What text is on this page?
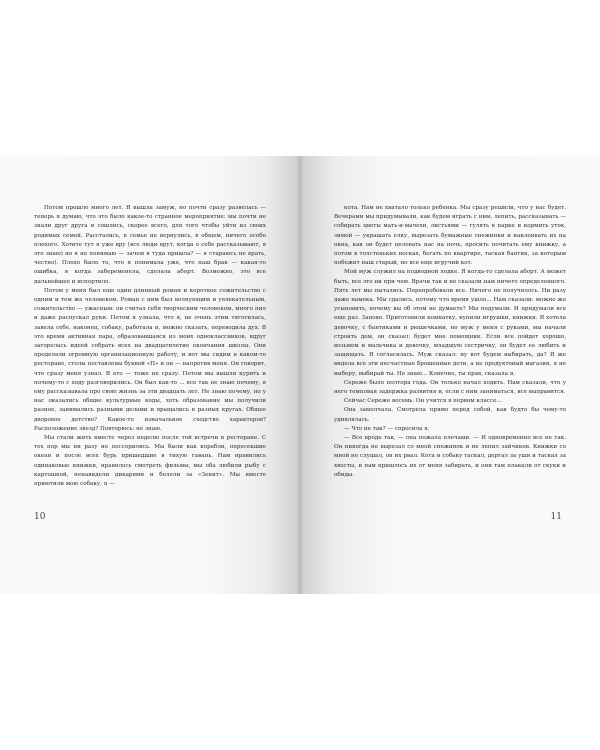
Потом прошло много лет. Я вышла замуж, но почти сразу развелась — теперь я думаю, что это было какое-то странное мероприятие: мы почти не знали друг друга и сошлись, скорее всего, для того чтобы уйти из своих родимых семей. Расстались, в семье не вернулись, в общем, ничего особо плохого. Хотите тут я уже вру (все люди врут, когда о себе рассказывают, я это знаю) но я не понимаю — зачем я туда пришла? — я стараюсь не врать, честно). Плохо было то, что я понимала уже, что наш брак — какая-то ошибка, я когда забеременела, сделала аборт. Возможно, это все дальнейшее и испортило.

Потом у меня был еще один длинный роман и короткое сожительство с одним и тем же человеком. Роман с ним был волнующим и увлекательным, сожительство — ужасным: он считал себя творческим человеком, много пил и даже распускал руки. Потом я узнала, что я, не очень этим тяготилась, завела себе, наконец, собаку, работала и, можно сказать, переводила дух. В это время активная пара, образовавшаяся из моих одноклассников, вдруг загорелась идеей собрать всех на двадцатилетие окончания школы. Они проделали огромную организационную работу, и вот мы сидим в каком-то ресторане, столы поставлены буквой «П» и он — напротив меня. Он говорит, что сразу меня узнал. Я его — тоже не сразу. Потом мы вышли курить и почему-то с ходу разговорились. Он был как-то ... все так не знаю почему, я ему рассказывала про свою жизнь за эти двадцать лет. Не знаю почему, но у нас оказались общие культурные коды, хоть образование мы получили разное, занимались разными делами и вращались в разных кругах. Общее дворовое детство? Какое-то изначальное сходство характеров? Расположение звезд? Повторюсь: не знаю.

Мы стали жить вместе через неделю после той встречи в ресторане. С тех пор мы ни разу не поссорились. Мы были как корабли, пересекшие океан и после всех бурь пришедшие в тихую гавань. Нам нравились одинаковые книжки, нравилось смотреть фильмы, мы оба любили рыбу с картошкой, ненавидели дикарями и болели за «Зенит». Мы вместе приютили мою собаку, я —

10

кота. Нам не хватало только ребенка. Мы сразу решили, что у нас будет. Вечерами мы придумывали, как будем играть с ним, лепить, рассказывать — собирать цветы мать-и-мачехи, листьями — гулять в парке и кормить уток, зимой — украшать елку, вырезать бумажные снежинки и наклеивать их на окна, как он будет целовать нас на ночь, просить почитать ему книжку, а потом в толстеньких носках, бегать по квартире, таская бантик, за которым побежит наш старый, но все еще игручий кот.

Мой муж служил на подводной лодке. Я когда-то сделала аборт. А может быть, все это ни при чем. Врачи так и не сказали нам ничего определенного. Пять лет мы пытались. Перепробовали все. Ничего не получилось. Ни разу даже намека. Мы сдались, потому что время ушло... Нам сказали: можно же усыновить, почему вы об этом не думаете? Мы подумали. И придумали все еще раз. Заново. Приготовили комнатку, купили игрушки, книжки. Я хотела девочку, с бантиками и рюшечками, но муж у меня с руками, мы начали строить дом, он сказал: будет мне помощник. Если все пойдет хорошо, возьмем и мальчика и девочку, младшую сестричку, он будет ее любить и защищать. Я согласилась. Муж сказал: ну вот будем выбирать, да? Я же видела все эти несчастные брошенные дети, а не продуктовый магазин, я не выберу, выбирай ты. Не знаю... Конечно, ты прав, сказала я.

Сереже было полтора года. Он только начал ходить. Нам сказали, что у него темповая задержка развития и, если с ним заниматься, все выправится.

Сейчас Сереже восемь. Он учится в первом классе...

Она замолчала. Смотрела прямо перед собой, как будто бы чему-то удивлялась.

— Что не так? — спросила я.

— Все вроде так, — она пожала плечами. — И одновременно все не так. Он никогда не вырезал со мной снежинок и не лепил зайчиков. Книжки со мной не слушал, он их рвал. Кота и собаку таскал, дергал за уши и таскал за хвосты, и нам пришлось их от меня забирать, и они там плакали от скуки и обиды.

11
